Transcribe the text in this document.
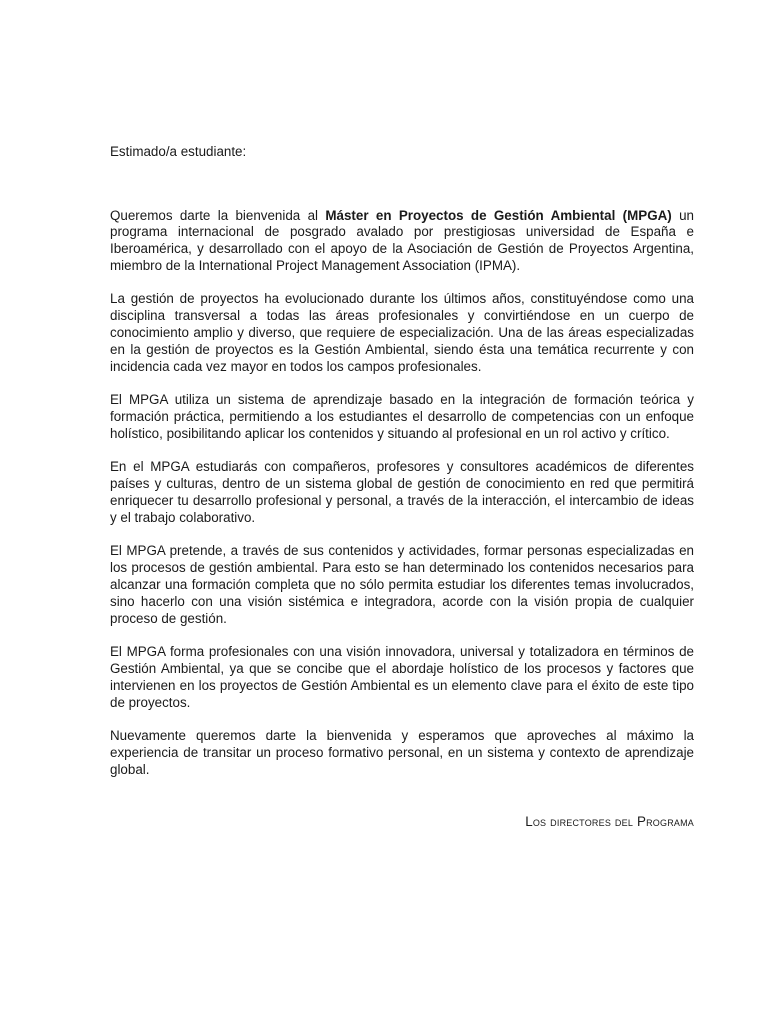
Estimado/a estudiante:

Queremos darte la bienvenida al Máster en Proyectos de Gestión Ambiental (MPGA) un programa internacional de posgrado avalado por prestigiosas universidad de España e Iberoamérica, y desarrollado con el apoyo de la Asociación de Gestión de Proyectos Argentina, miembro de la International Project Management Association (IPMA).

La gestión de proyectos ha evolucionado durante los últimos años, constituyéndose como una disciplina transversal a todas las áreas profesionales y convirtiéndose en un cuerpo de conocimiento amplio y diverso, que requiere de especialización. Una de las áreas especializadas en la gestión de proyectos es la Gestión Ambiental, siendo ésta una temática recurrente y con incidencia cada vez mayor en todos los campos profesionales.

El MPGA utiliza un sistema de aprendizaje basado en la integración de formación teórica y formación práctica, permitiendo a los estudiantes el desarrollo de competencias con un enfoque holístico, posibilitando aplicar los contenidos y situando al profesional en un rol activo y crítico.

En el MPGA estudiarás con compañeros, profesores y consultores académicos de diferentes países y culturas, dentro de un sistema global de gestión de conocimiento en red que permitirá enriquecer tu desarrollo profesional y personal, a través de la interacción, el intercambio de ideas y el trabajo colaborativo.

El MPGA pretende, a través de sus contenidos y actividades, formar personas especializadas en los procesos de gestión ambiental. Para esto se han determinado los contenidos necesarios para alcanzar una formación completa que no sólo permita estudiar los diferentes temas involucrados, sino hacerlo con una visión sistémica e integradora, acorde con la visión propia de cualquier proceso de gestión.

El MPGA forma profesionales con una visión innovadora, universal y totalizadora en términos de Gestión Ambiental, ya que se concibe que el abordaje holístico de los procesos y factores que intervienen en los proyectos de Gestión Ambiental es un elemento clave para el éxito de este tipo de proyectos.

Nuevamente queremos darte la bienvenida y esperamos que aproveches al máximo la experiencia de transitar un proceso formativo personal, en un sistema y contexto de aprendizaje global.

Los directores del Programa
